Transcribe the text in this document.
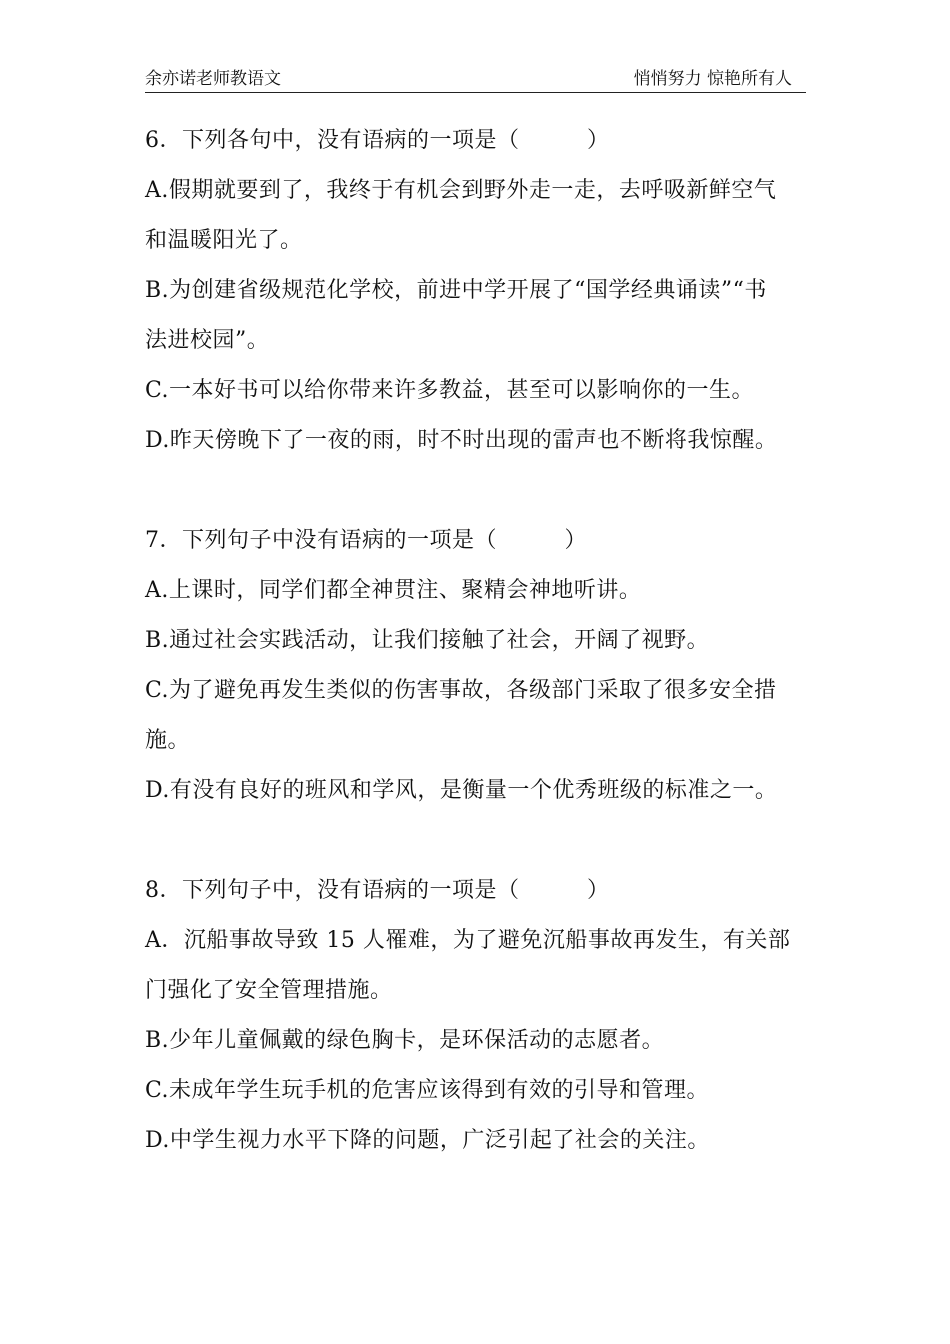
余亦诺老师教语文	悄悄努力 惊艳所有人
6．下列各句中，没有语病的一项是（　　　）
A.假期就要到了，我终于有机会到野外走一走，去呼吸新鲜空气
和温暖阳光了。
B.为创建省级规范化学校，前进中学开展了“国学经典诵读”“书
法进校园”。
C.一本好书可以给你带来许多教益，甚至可以影响你的一生。
D.昨天傍晚下了一夜的雨，时不时出现的雷声也不断将我惊醒。
7．下列句子中没有语病的一项是（　　　）
A.上课时，同学们都全神贯注、聚精会神地听讲。
B.通过社会实践活动，让我们接触了社会，开阔了视野。
C.为了避免再发生类似的伤害事故，各级部门采取了很多安全措
施。
D.有没有良好的班风和学风，是衡量一个优秀班级的标准之一。
8．下列句子中，没有语病的一项是（　　　）
A．沉船事故导致 15 人罹难，为了避免沉船事故再发生，有关部
门强化了安全管理措施。
B.少年儿童佩戴的绿色胸卡，是环保活动的志愿者。
C.未成年学生玩手机的危害应该得到有效的引导和管理。
D.中学生视力水平下降的问题，广泛引起了社会的关注。
